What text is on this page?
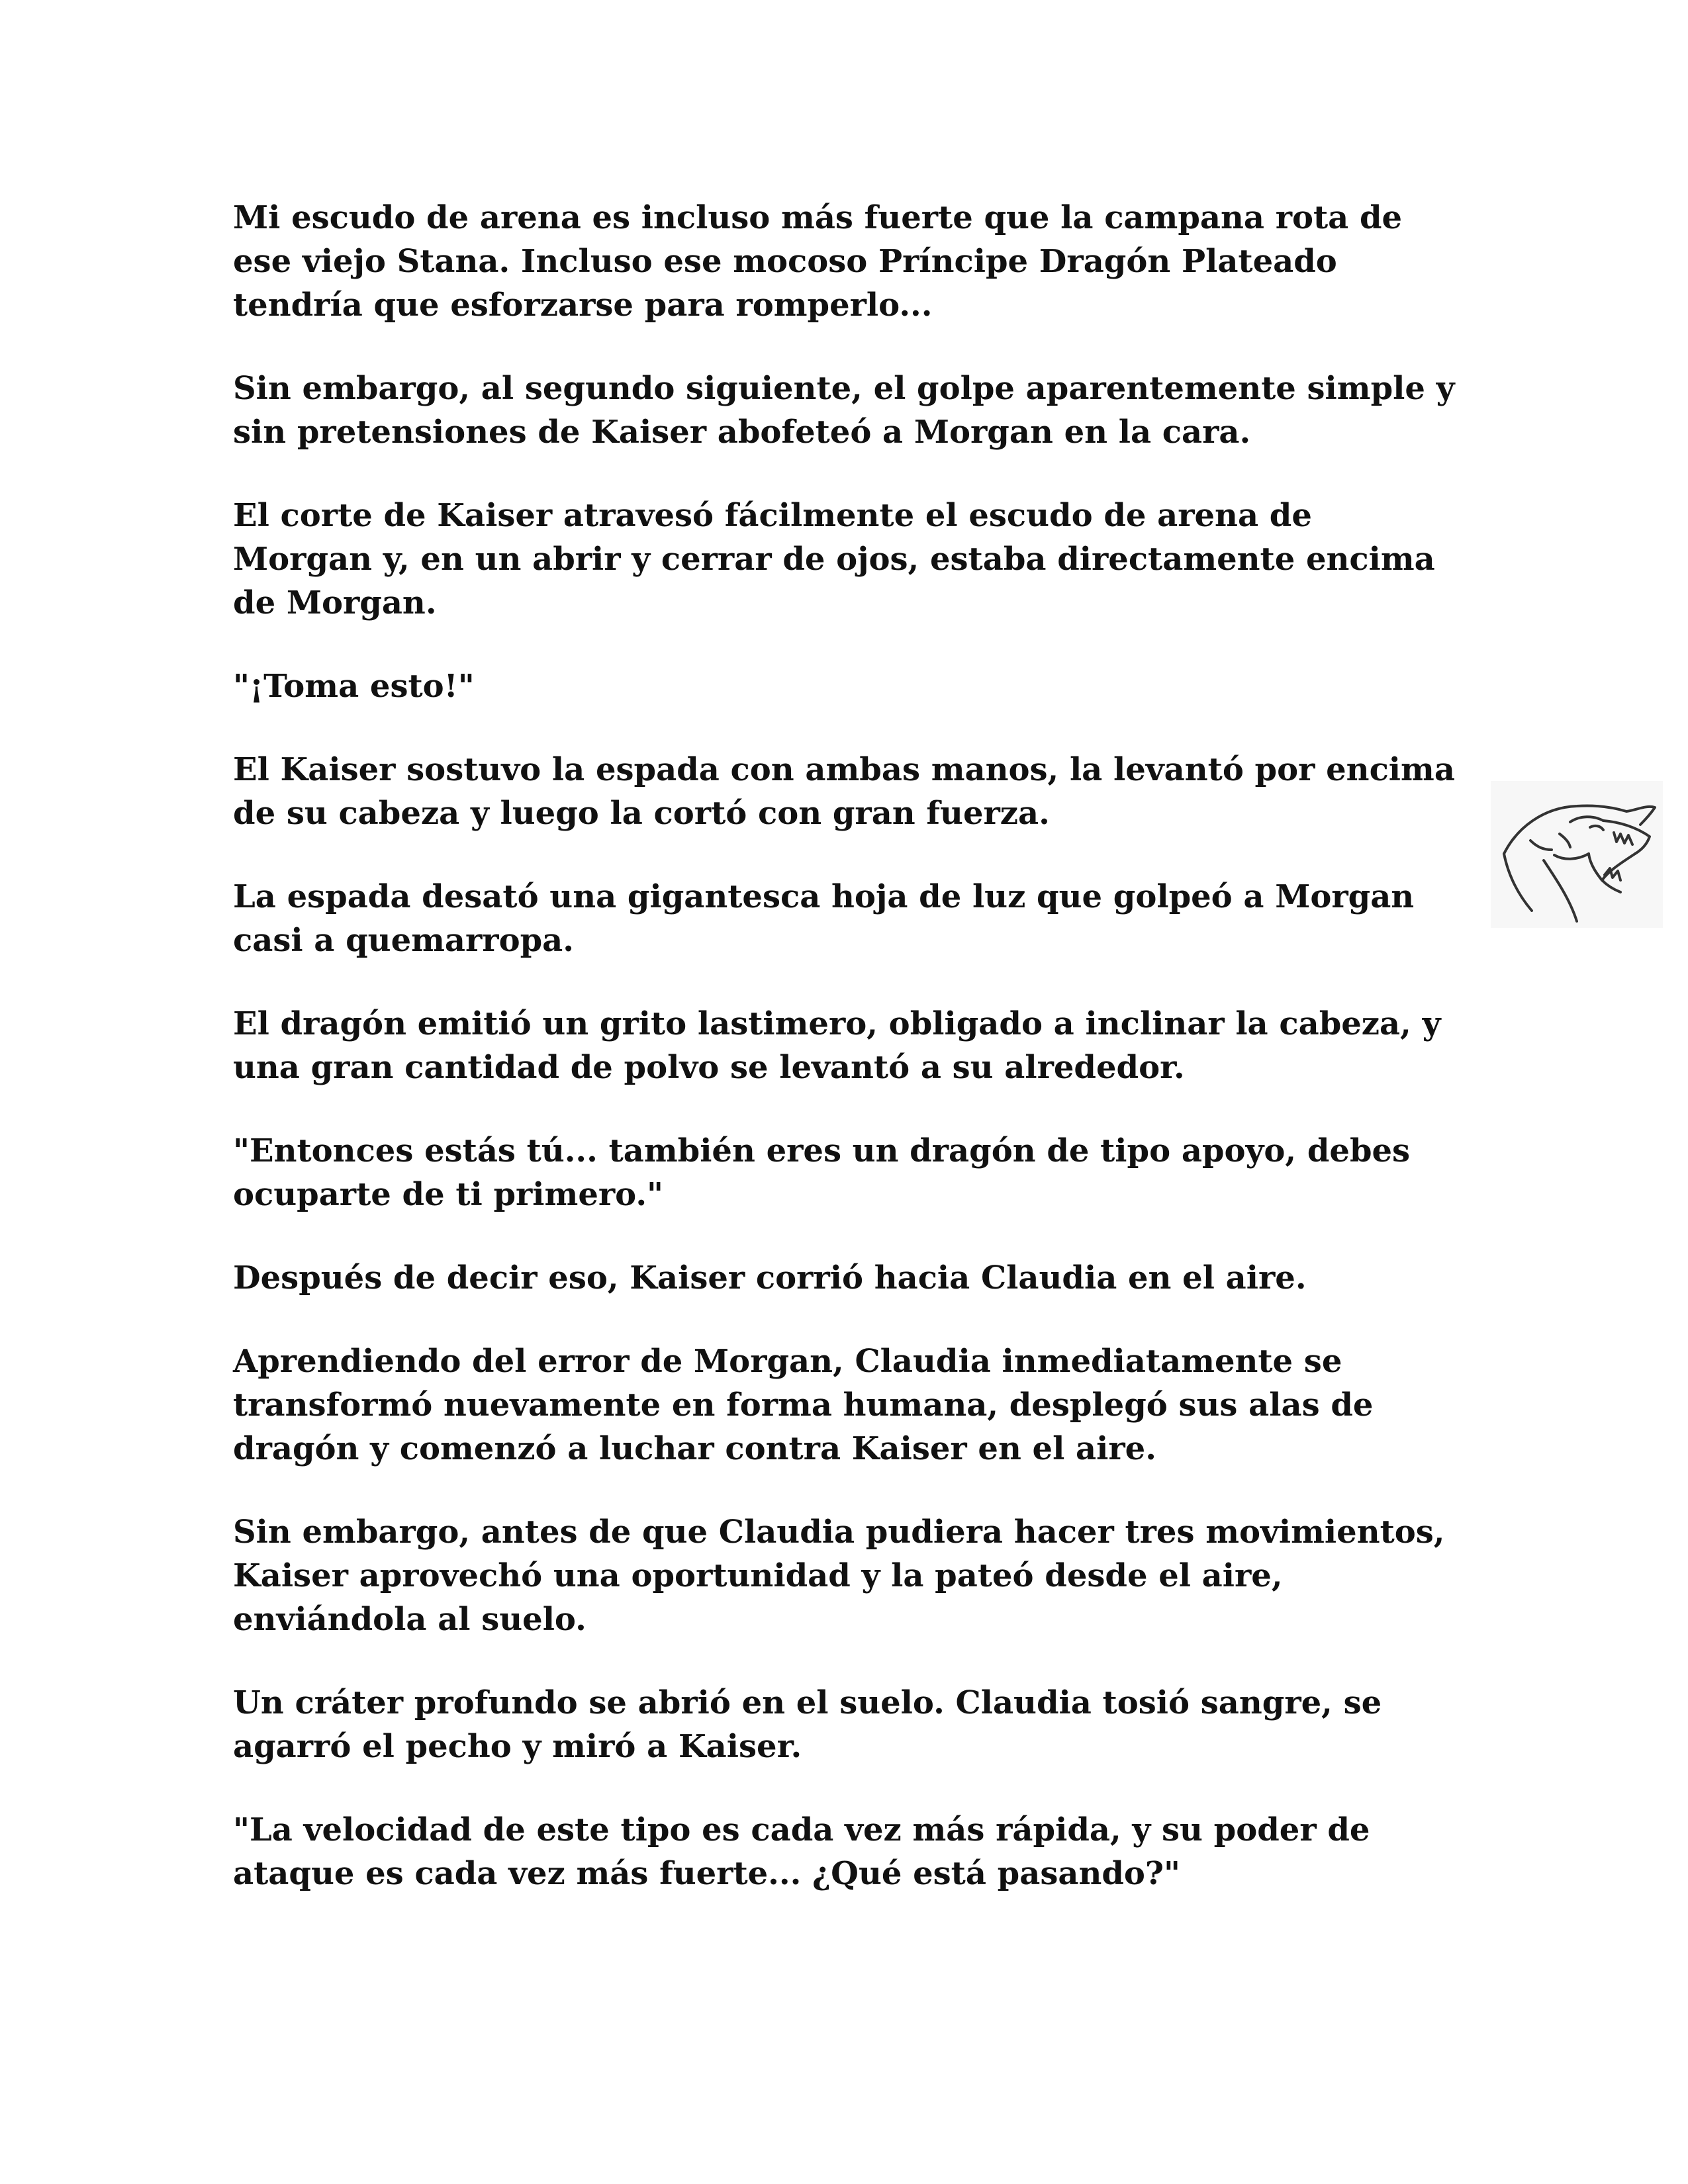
Mi escudo de arena es incluso más fuerte que la campana rota de ese viejo Stana. Incluso ese mocoso Príncipe Dragón Plateado tendría que esforzarse para romperlo...

Sin embargo, al segundo siguiente, el golpe aparentemente simple y sin pretensiones de Kaiser abofeteó a Morgan en la cara.

El corte de Kaiser atravesó fácilmente el escudo de arena de Morgan y, en un abrir y cerrar de ojos, estaba directamente encima de Morgan.

"¡Toma esto!"

El Kaiser sostuvo la espada con ambas manos, la levantó por encima de su cabeza y luego la cortó con gran fuerza.

La espada desató una gigantesca hoja de luz que golpeó a Morgan casi a quemarropa.

El dragón emitió un grito lastimero, obligado a inclinar la cabeza, y una gran cantidad de polvo se levantó a su alrededor.

"Entonces estás tú... también eres un dragón de tipo apoyo, debes ocuparte de ti primero."

Después de decir eso, Kaiser corrió hacia Claudia en el aire.

Aprendiendo del error de Morgan, Claudia inmediatamente se transformó nuevamente en forma humana, desplegó sus alas de dragón y comenzó a luchar contra Kaiser en el aire.

Sin embargo, antes de que Claudia pudiera hacer tres movimientos, Kaiser aprovechó una oportunidad y la pateó desde el aire, enviándola al suelo.

Un cráter profundo se abrió en el suelo. Claudia tosió sangre, se agarró el pecho y miró a Kaiser.

"La velocidad de este tipo es cada vez más rápida, y su poder de ataque es cada vez más fuerte... ¿Qué está pasando?"
